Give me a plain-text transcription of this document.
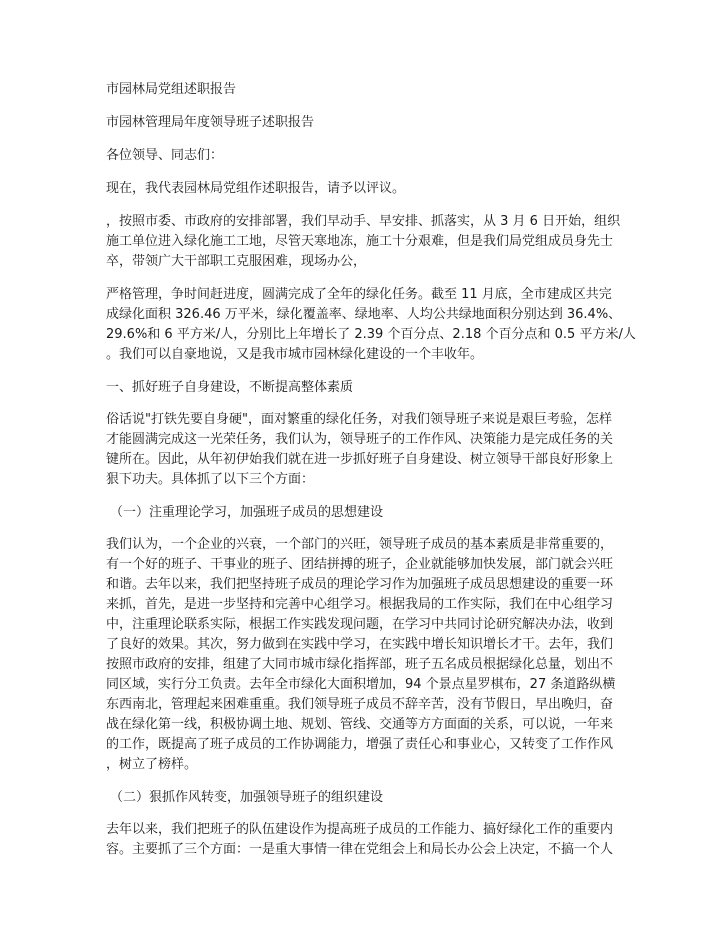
市园林局党组述职报告

市园林管理局年度领导班子述职报告

各位领导、同志们：

现在，我代表园林局党组作述职报告，请予以评议。

，按照市委、市政府的安排部署，我们早动手、早安排、抓落实，从 3 月 6 日开始，组织

施工单位进入绿化施工工地，尽管天寒地冻，施工十分艰难，但是我们局党组成员身先士

卒，带领广大干部职工克服困难，现场办公，

严格管理，争时间赶进度，圆满完成了全年的绿化任务。截至 11 月底，全市建成区共完

成绿化面积 326.46 万平米，绿化覆盖率、绿地率、人均公共绿地面积分别达到 36.4%、

29.6%和 6 平方米/人，分别比上年增长了 2.39 个百分点、2.18 个百分点和 0.5 平方米/人

。我们可以自豪地说，又是我市城市园林绿化建设的一个丰收年。

一、抓好班子自身建设，不断提高整体素质

俗话说"打铁先要自身硬"，面对繁重的绿化任务，对我们领导班子来说是艰巨考验，怎样

才能圆满完成这一光荣任务，我们认为，领导班子的工作作风、决策能力是完成任务的关

键所在。因此，从年初伊始我们就在进一步抓好班子自身建设、树立领导干部良好形象上

狠下功夫。具体抓了以下三个方面：

（一）注重理论学习，加强班子成员的思想建设

我们认为，一个企业的兴衰，一个部门的兴旺，领导班子成员的基本素质是非常重要的，

有一个好的班子、干事业的班子、团结拼搏的班子，企业就能够加快发展，部门就会兴旺

和谐。去年以来，我们把坚持班子成员的理论学习作为加强班子成员思想建设的重要一环

来抓，首先，是进一步坚持和完善中心组学习。根据我局的工作实际，我们在中心组学习

中，注重理论联系实际，根据工作实践发现问题，在学习中共同讨论研究解决办法，收到

了良好的效果。其次，努力做到在实践中学习，在实践中增长知识增长才干。去年，我们

按照市政府的安排，组建了大同市城市绿化指挥部，班子五名成员根据绿化总量，划出不

同区域，实行分工负责。去年全市绿化大面积增加，94 个景点星罗棋布，27 条道路纵横

东西南北，管理起来困难重重。我们领导班子成员不辞辛苦，没有节假日，早出晚归，奋

战在绿化第一线，积极协调土地、规划、管线、交通等方方面面的关系，可以说，一年来

的工作，既提高了班子成员的工作协调能力，增强了责任心和事业心，又转变了工作作风

，树立了榜样。

（二）狠抓作风转变，加强领导班子的组织建设

去年以来，我们把班子的队伍建设作为提高班子成员的工作能力、搞好绿化工作的重要内

容。主要抓了三个方面：一是重大事情一律在党组会上和局长办公会上决定，不搞一个人
